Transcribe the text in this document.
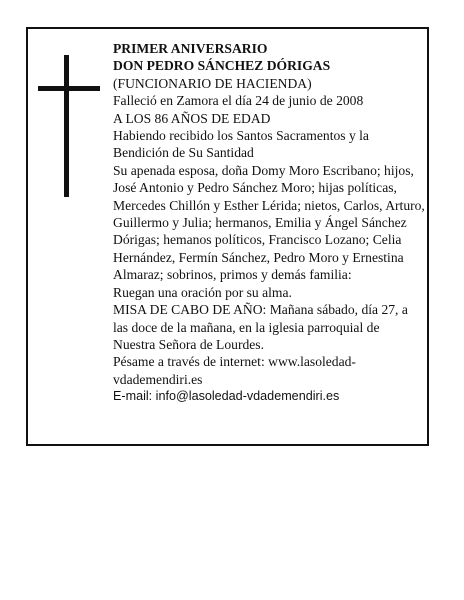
PRIMER ANIVERSARIO

DON PEDRO SÁNCHEZ DÓRIGAS

(FUNCIONARIO DE HACIENDA)

Falleció en Zamora el día 24 de junio de 2008

A LOS 86 AÑOS DE EDAD

Habiendo recibido los Santos Sacramentos y la Bendición de Su Santidad

Su apenada esposa, doña Domy Moro Escribano; hijos, José Antonio y Pedro Sánchez Moro; hijas políticas, Mercedes Chillón y Esther Lérida; nietos, Carlos, Arturo, Guillermo y Julia; hermanos, Emilia y Ángel Sánchez Dórigas; hemanos políticos, Francisco Lozano; Celia Hernández, Fermín Sánchez, Pedro Moro y Ernestina Almaraz; sobrinos, primos y demás familia:

Ruegan una oración por su alma.

MISA DE CABO DE AÑO: Mañana sábado, día 27, a las doce de la mañana, en la iglesia parroquial de Nuestra Señora de Lourdes.

Pésame a través de internet: www.lasoledad-vdademendiri.es

E-mail: info@lasoledad-vdademendiri.es
